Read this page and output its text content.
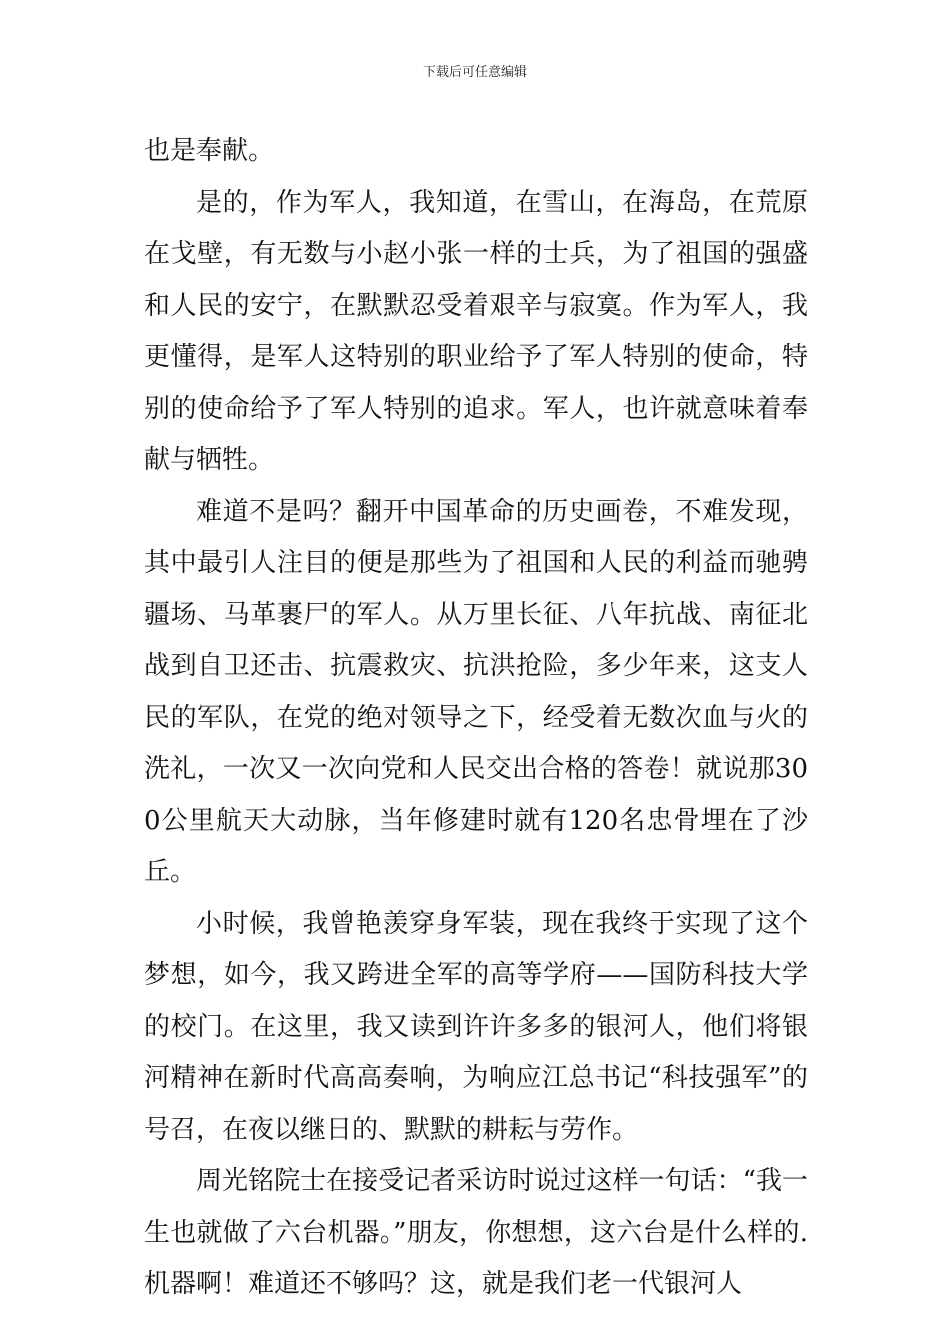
下载后可任意编辑

也是奉献。

是的，作为军人，我知道，在雪山，在海岛，在荒原在戈壁，有无数与小赵小张一样的士兵，为了祖国的强盛和人民的安宁，在默默忍受着艰辛与寂寞。作为军人，我更懂得，是军人这特别的职业给予了军人特别的使命，特别的使命给予了军人特别的追求。军人，也许就意味着奉献与牺牲。

难道不是吗？翻开中国革命的历史画卷，不难发现，其中最引人注目的便是那些为了祖国和人民的利益而驰骋疆场、马革裹尸的军人。从万里长征、八年抗战、南征北战到自卫还击、抗震救灾、抗洪抢险，多少年来，这支人民的军队，在党的绝对领导之下，经受着无数次血与火的洗礼，一次又一次向党和人民交出合格的答卷！就说那300公里航天大动脉，当年修建时就有120名忠骨埋在了沙丘。

小时候，我曾艳羡穿身军装，现在我终于实现了这个梦想，如今，我又跨进全军的高等学府——国防科技大学的校门。在这里，我又读到许许多多的银河人，他们将银河精神在新时代高高奏响，为响应江总书记“科技强军”的号召，在夜以继日的、默默的耕耘与劳作。

周光铭院士在接受记者采访时说过这样一句话：“我一生也就做了六台机器。”朋友，你想想，这六台是什么样的.机器啊！难道还不够吗？这，就是我们老一代银河人
